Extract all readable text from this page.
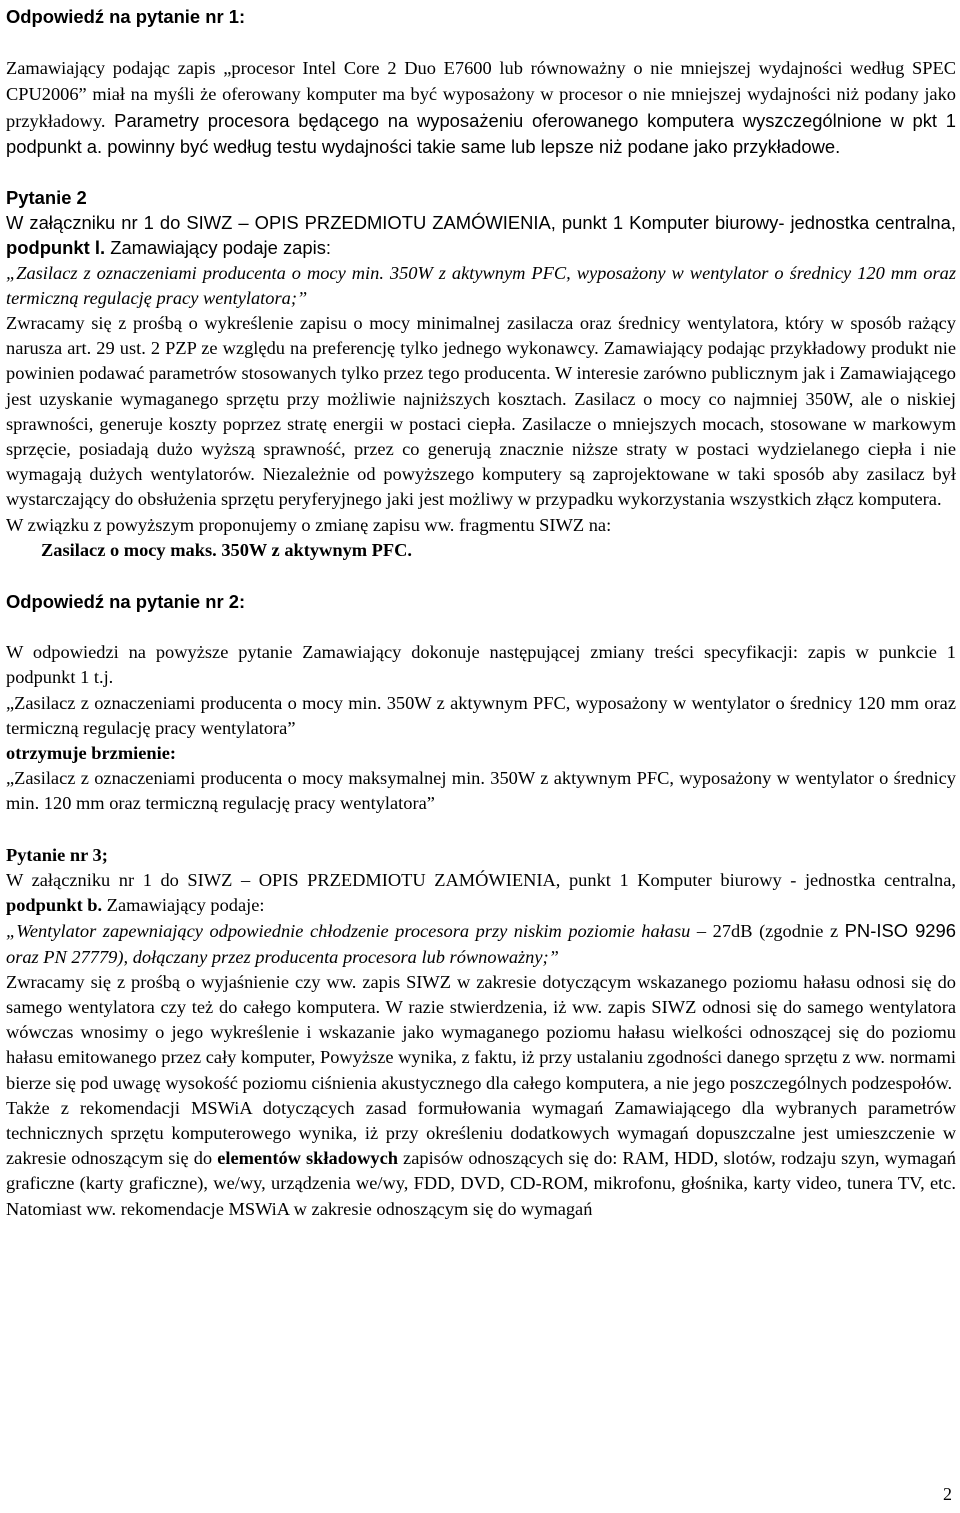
Odpowiedź na pytanie nr 1:

Zamawiający podając zapis „procesor Intel Core 2 Duo E7600 lub równoważny o nie mniejszej wydajności według SPEC CPU2006” miał na myśli że oferowany komputer ma być wyposażony w procesor o nie mniejszej wydajności niż podany jako przykładowy. Parametry procesora będącego na wyposażeniu oferowanego komputera wyszczególnione w pkt 1 podpunkt a. powinny być według testu wydajności takie same lub lepsze niż podane jako przykładowe.

Pytanie 2

W załączniku nr 1 do SIWZ – OPIS PRZEDMIOTU ZAMÓWIENIA, punkt 1 Komputer biurowy- jednostka centralna, podpunkt l. Zamawiający podaje zapis:

„Zasilacz z oznaczeniami producenta o mocy min. 350W z aktywnym PFC, wyposażony w wentylator o średnicy 120 mm oraz termiczną regulację pracy wentylatora;”

Zwracamy się z prośbą o wykreślenie zapisu o mocy minimalnej zasilacza oraz średnicy wentylatora, który w sposób rażący narusza art. 29 ust. 2 PZP ze względu na preferencję tylko jednego wykonawcy. Zamawiający podając przykładowy produkt nie powinien podawać parametrów stosowanych tylko przez tego producenta. W interesie zarówno publicznym jak i Zamawiającego jest uzyskanie wymaganego sprzętu przy możliwie najniższych kosztach. Zasilacz o mocy co najmniej 350W, ale o niskiej sprawności, generuje koszty poprzez stratę energii w postaci ciepła. Zasilacze o mniejszych mocach, stosowane w markowym sprzęcie, posiadają dużo wyższą sprawność, przez co generują znacznie niższe straty w postaci wydzielanego ciepła i nie wymagają dużych wentylatorów. Niezależnie od powyższego komputery są zaprojektowane w taki sposób aby zasilacz był wystarczający do obsłużenia sprzętu peryferyjnego jaki jest możliwy w przypadku wykorzystania wszystkich złącz komputera.

W związku z powyższym proponujemy o zmianę zapisu ww. fragmentu SIWZ na:

Zasilacz o mocy maks. 350W z aktywnym PFC.

Odpowiedź na pytanie nr 2:

W odpowiedzi na powyższe pytanie Zamawiający dokonuje następującej zmiany treści specyfikacji: zapis w punkcie 1 podpunkt 1 t.j.

„Zasilacz z oznaczeniami producenta o mocy min. 350W z aktywnym PFC, wyposażony w wentylator o średnicy 120 mm oraz termiczną regulację pracy wentylatora”

otrzymuje brzmienie:

„Zasilacz z oznaczeniami producenta o mocy maksymalnej min. 350W z aktywnym PFC, wyposażony w wentylator o średnicy min. 120 mm oraz termiczną regulację pracy wentylatora”

Pytanie nr 3;

W załączniku nr 1 do SIWZ – OPIS PRZEDMIOTU ZAMÓWIENIA, punkt 1 Komputer biurowy - jednostka centralna, podpunkt b. Zamawiający podaje:

„Wentylator zapewniający odpowiednie chłodzenie procesora przy niskim poziomie hałasu – 27dB (zgodnie z PN-ISO 9296 oraz PN 27779), dołączany przez producenta procesora lub równoważny;”

Zwracamy się z prośbą o wyjaśnienie czy ww. zapis SIWZ w zakresie dotyczącym wskazanego poziomu hałasu odnosi się do samego wentylatora czy też do całego komputera. W razie stwierdzenia, iż ww. zapis SIWZ odnosi się do samego wentylatora wówczas wnosimy o jego wykreślenie i wskazanie jako wymaganego poziomu hałasu wielkości odnoszącej się do poziomu hałasu emitowanego przez cały komputer, Powyższe wynika, z faktu, iż przy ustalaniu zgodności danego sprzętu z ww. normami bierze się pod uwagę wysokość poziomu ciśnienia akustycznego dla całego komputera, a nie jego poszczególnych podzespołów.

Także z rekomendacji MSWiA dotyczących zasad formułowania wymagań Zamawiającego dla wybranych parametrów technicznych sprzętu komputerowego wynika, iż przy określeniu dodatkowych wymagań dopuszczalne jest umieszczenie w zakresie odnoszącym się do elementów składowych zapisów odnoszących się do: RAM, HDD, slotów, rodzaju szyn, wymagań graficzne (karty graficzne), we/wy, urządzenia we/wy, FDD, DVD, CD-ROM, mikrofonu, głośnika, karty video, tunera TV, etc. Natomiast ww. rekomendacje MSWiA w zakresie odnoszącym się do wymagań

2
